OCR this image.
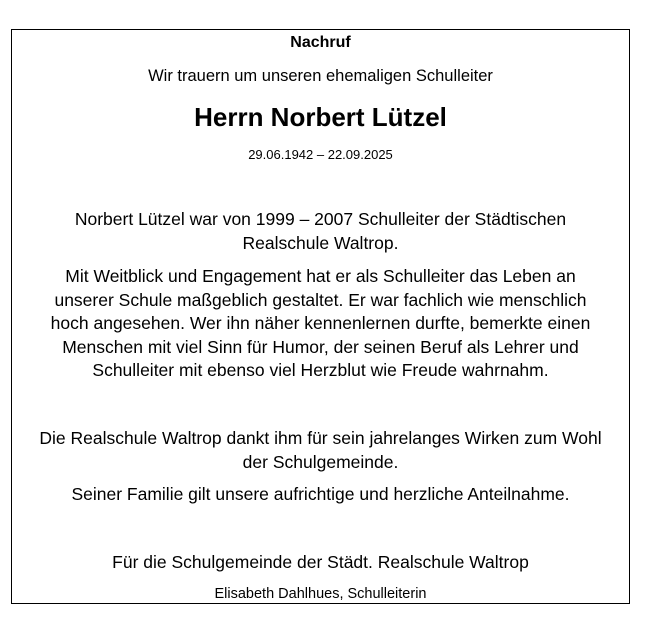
Nachruf
Wir trauern um unseren ehemaligen Schulleiter
Herrn Norbert Lützel
29.06.1942 – 22.09.2025
Norbert Lützel war von 1999 – 2007 Schulleiter der Städtischen
Realschule Waltrop.
Mit Weitblick und Engagement hat er als Schulleiter das Leben an
unserer Schule maßgeblich gestaltet. Er war fachlich wie menschlich
hoch angesehen. Wer ihn näher kennenlernen durfte, bemerkte einen
Menschen mit viel Sinn für Humor, der seinen Beruf als Lehrer und
Schulleiter mit ebenso viel Herzblut wie Freude wahrnahm.
Die Realschule Waltrop dankt ihm für sein jahrelanges Wirken zum Wohl
der Schulgemeinde.
Seiner Familie gilt unsere aufrichtige und herzliche Anteilnahme.
Für die Schulgemeinde der Städt. Realschule Waltrop
Elisabeth Dahlhues, Schulleiterin
